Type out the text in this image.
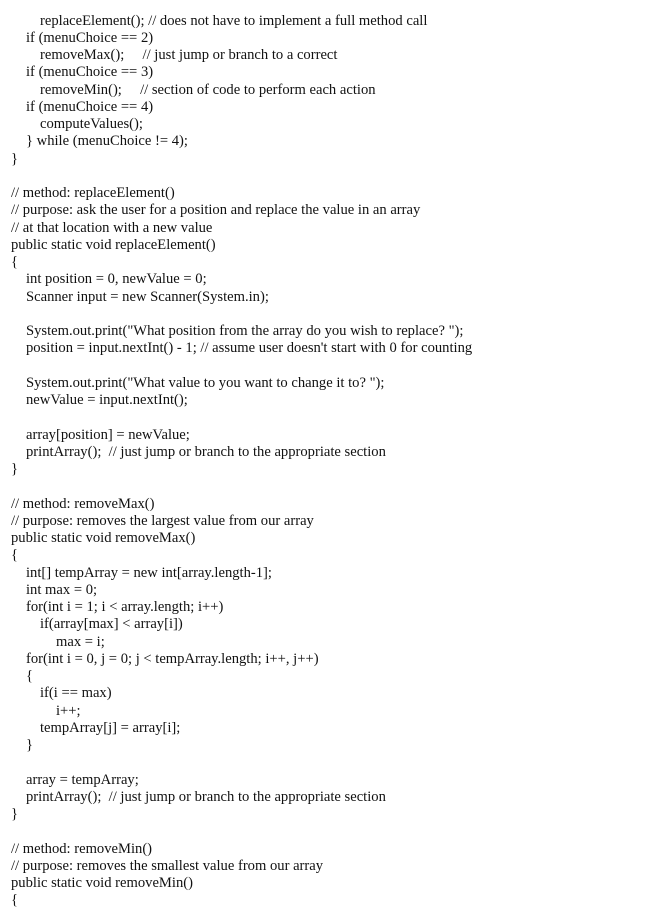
replaceElement(); // does not have to implement a full method call
if (menuChoice == 2)
removeMax();     // just jump or branch to a correct
if (menuChoice == 3)
removeMin();     // section of code to perform each action
if (menuChoice == 4)
computeValues();
} while (menuChoice != 4);
}
// method: replaceElement()
// purpose: ask the user for a position and replace the value in an array
// at that location with a new value
public static void replaceElement()
{
int position = 0, newValue = 0;
Scanner input = new Scanner(System.in);
System.out.print("What position from the array do you wish to replace? ");
position = input.nextInt() - 1; // assume user doesn't start with 0 for counting
System.out.print("What value to you want to change it to? ");
newValue = input.nextInt();
array[position] = newValue;
printArray();  // just jump or branch to the appropriate section
}
// method: removeMax()
// purpose: removes the largest value from our array
public static void removeMax()
{
int[] tempArray = new int[array.length-1];
int max = 0;
for(int i = 1; i < array.length; i++)
if(array[max] < array[i])
max = i;
for(int i = 0, j = 0; j < tempArray.length; i++, j++)
{
if(i == max)
i++;
tempArray[j] = array[i];
}
array = tempArray;
printArray();  // just jump or branch to the appropriate section
}
// method: removeMin()
// purpose: removes the smallest value from our array
public static void removeMin()
{
